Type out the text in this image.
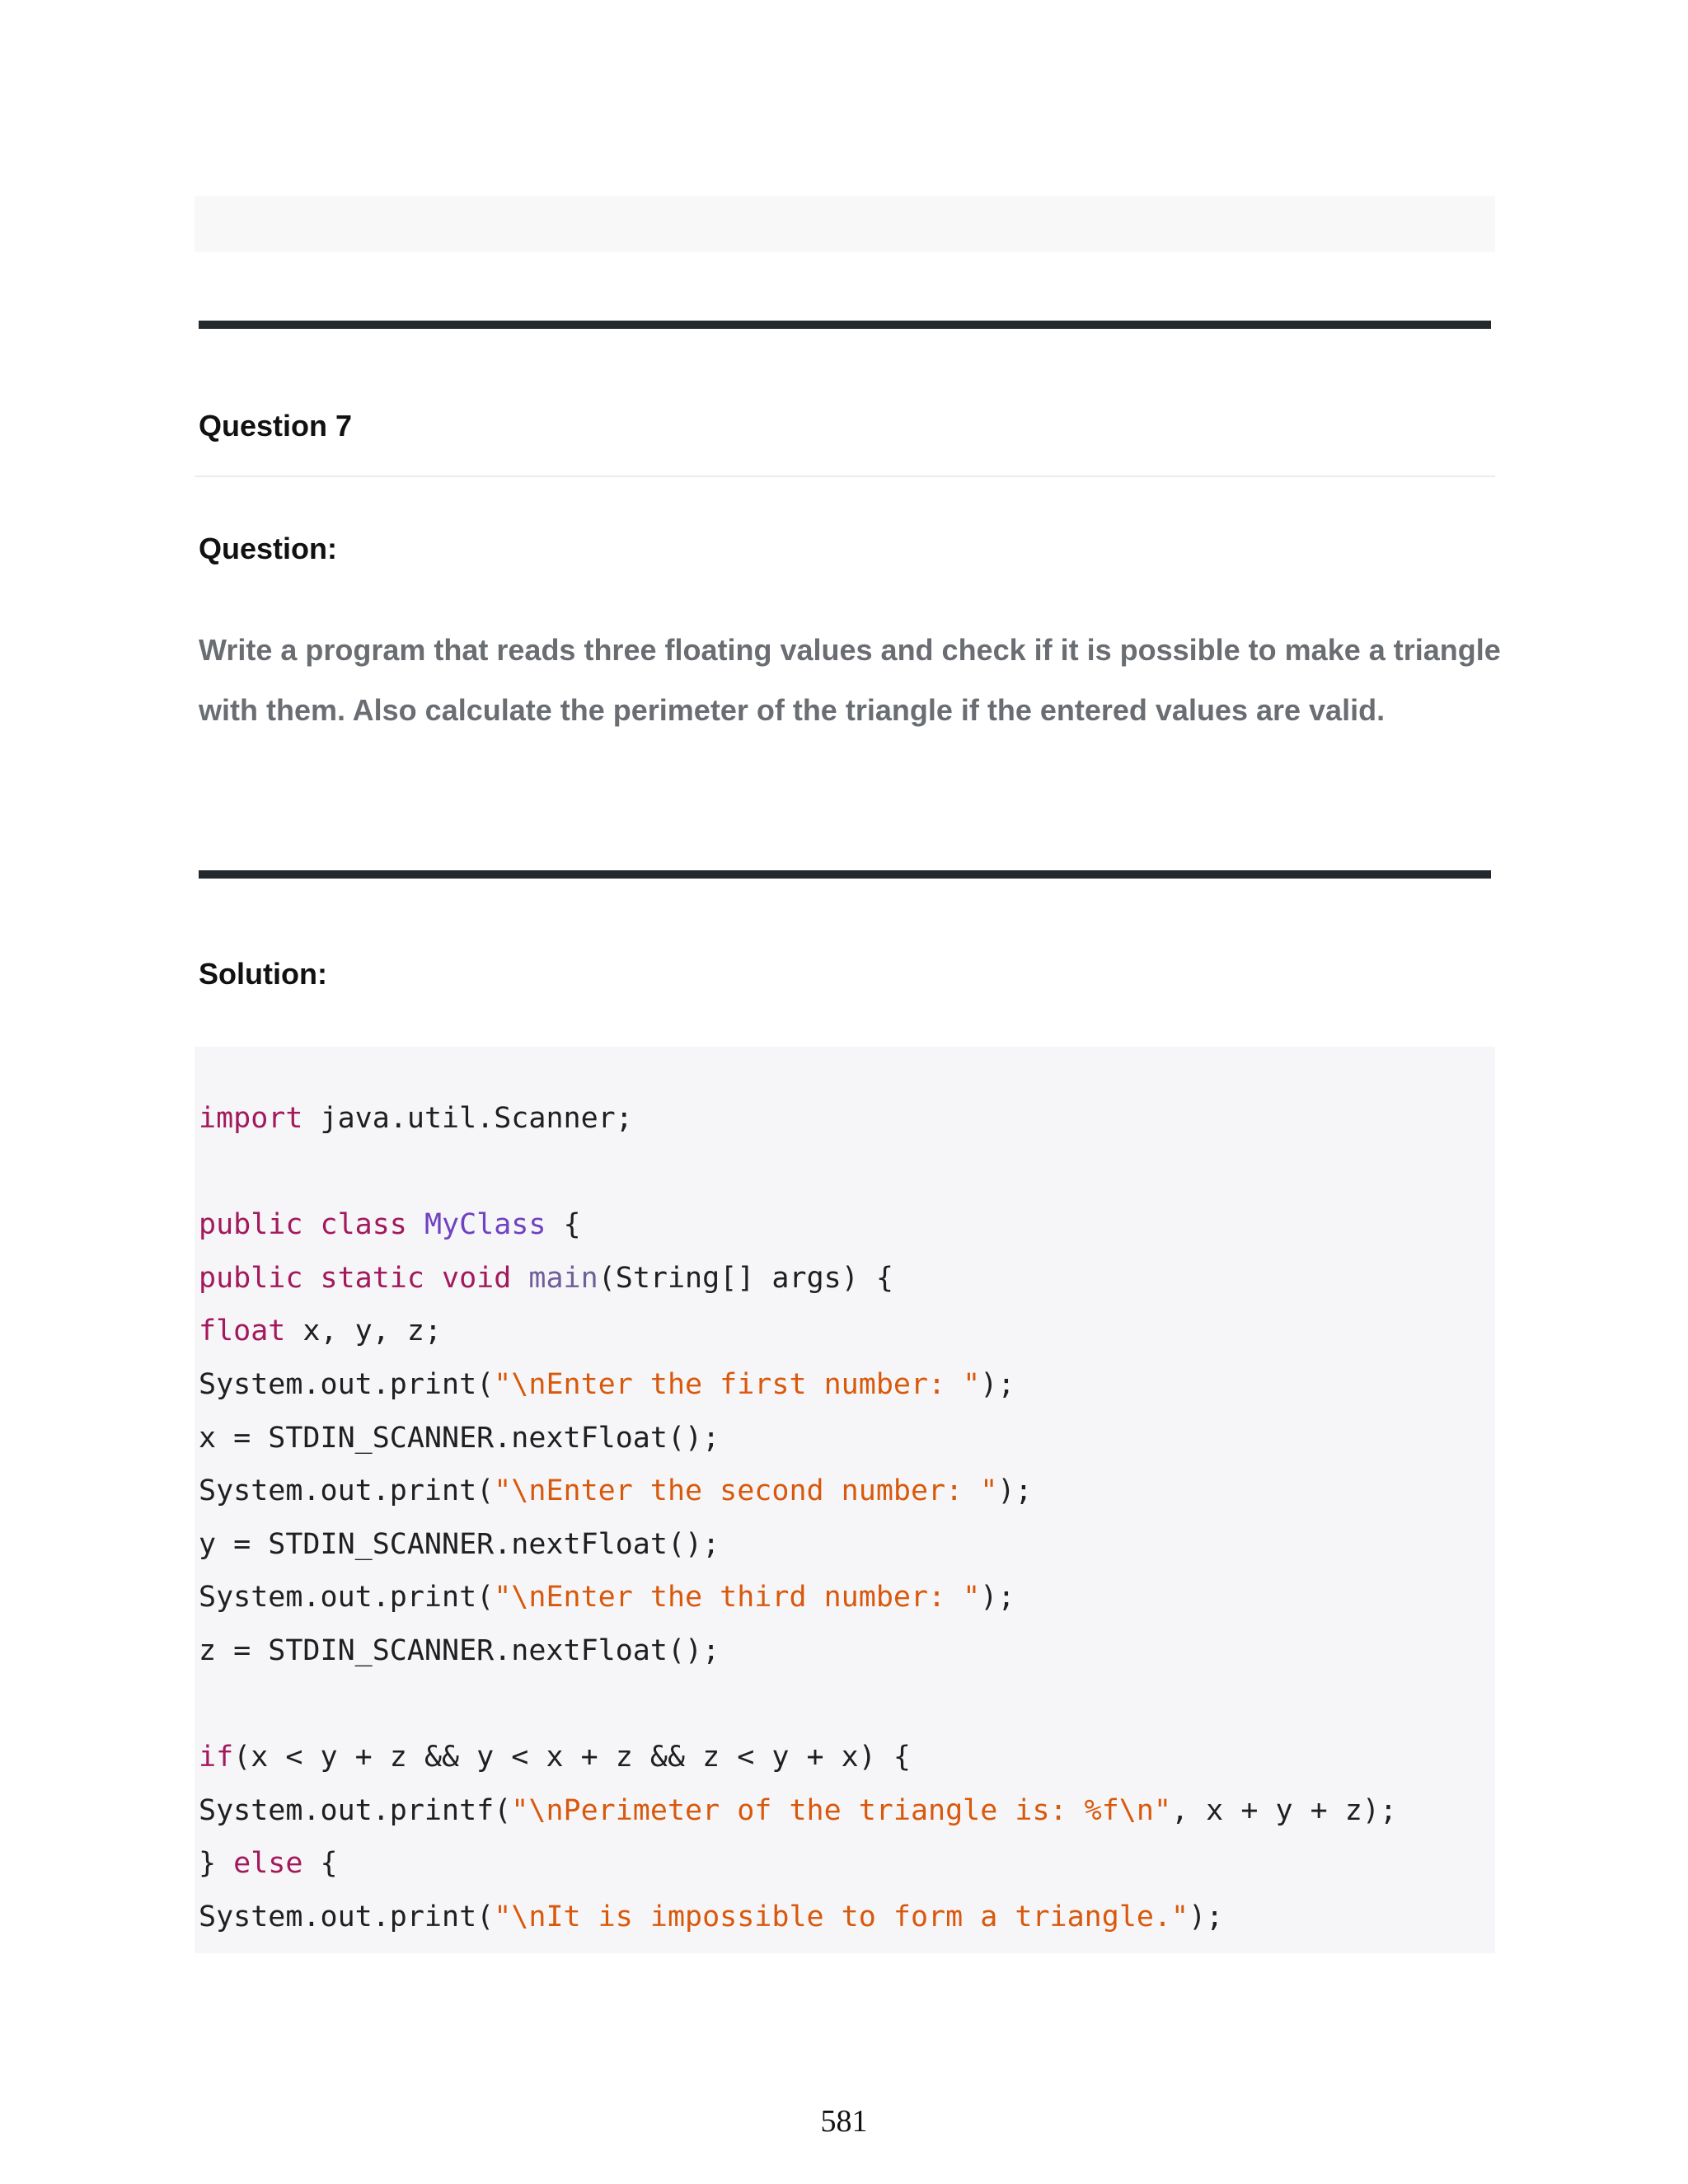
Question 7
Question:

Write a program that reads three floating values and check if it is possible to make a triangle with them. Also calculate the perimeter of the triangle if the entered values are valid.

Solution:
import java.util.Scanner;
public class MyClass {
public static void main(String[] args) {
float x, y, z;
System.out.print("\nEnter the first number: ");
x = STDIN_SCANNER.nextFloat();
System.out.print("\nEnter the second number: ");
y = STDIN_SCANNER.nextFloat();
System.out.print("\nEnter the third number: ");
z = STDIN_SCANNER.nextFloat();
if(x < y + z && y < x + z && z < y + x) {
System.out.printf("\nPerimeter of the triangle is: %f\n", x + y + z);
} else {
System.out.print("\nIt is impossible to form a triangle.");
581
